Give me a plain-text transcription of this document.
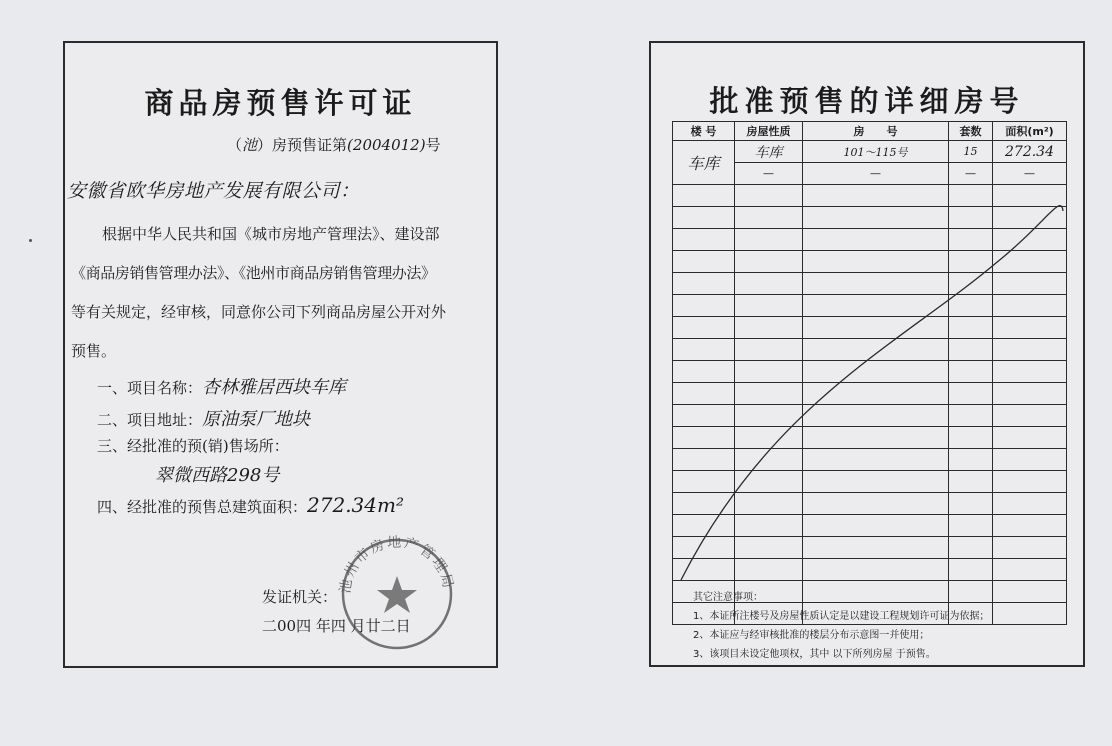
商品房预售许可证
（池）房预售证第(2004012)号
安徽省欧华房地产发展有限公司：
根据中华人民共和国《城市房地产管理法》、建设部
《商品房销售管理办法》、《池州市商品房销售管理办法》
等有关规定，经审核，同意你公司下列商品房屋公开对外
预售。
一、项目名称：杏林雅居西块车库
二、项目地址：原油泵厂地块
三、经批准的预(销)售场所：
翠微西路298号
四、经批准的预售总建筑面积：272.34m²
发证机关：
二00四 年四 月廿二日
池州市房地产管理局
批准预售的详细房号
楼 号	房屋性质	房　　号	套数	面积(m²)
车库	车库	101～115号	15	272.34
	—	—	—	—

其它注意事项：
1、本证所注楼号及房屋性质认定是以建设工程规划许可证为依据；
2、本证应与经审核批准的楼层分布示意图一并使用；
3、该项目未设定他项权，其中 以下所列房屋 于预售。
